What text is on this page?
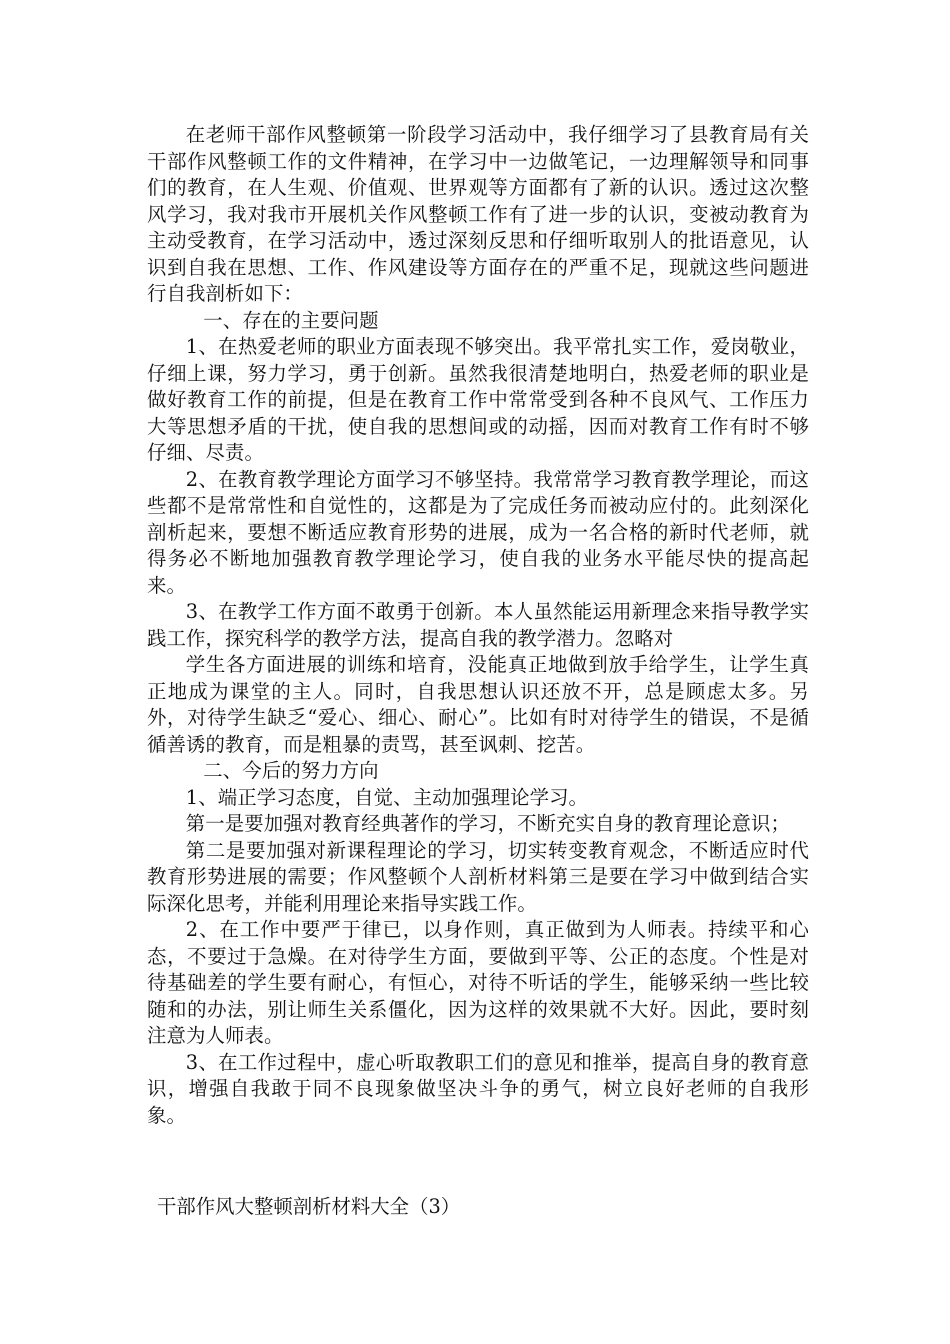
在老师干部作风整顿第一阶段学习活动中，我仔细学习了县教育局有关干部作风整顿工作的文件精神，在学习中一边做笔记，一边理解领导和同事们的教育，在人生观、价值观、世界观等方面都有了新的认识。透过这次整风学习，我对我市开展机关作风整顿工作有了进一步的认识，变被动教育为主动受教育，在学习活动中，透过深刻反思和仔细听取别人的批语意见，认识到自我在思想、工作、作风建设等方面存在的严重不足，现就这些问题进行自我剖析如下：

一、存在的主要问题

1、在热爱老师的职业方面表现不够突出。我平常扎实工作，爱岗敬业，仔细上课，努力学习，勇于创新。虽然我很清楚地明白，热爱老师的职业是做好教育工作的前提，但是在教育工作中常常受到各种不良风气、工作压力大等思想矛盾的干扰，使自我的思想间或的动摇，因而对教育工作有时不够仔细、尽责。

2、在教育教学理论方面学习不够坚持。我常常学习教育教学理论，而这些都不是常常性和自觉性的，这都是为了完成任务而被动应付的。此刻深化剖析起来，要想不断适应教育形势的进展，成为一名合格的新时代老师，就得务必不断地加强教育教学理论学习，使自我的业务水平能尽快的提高起来。

3、在教学工作方面不敢勇于创新。本人虽然能运用新理念来指导教学实践工作，探究科学的教学方法，提高自我的教学潜力。忽略对

学生各方面进展的训练和培育，没能真正地做到放手给学生，让学生真正地成为课堂的主人。同时，自我思想认识还放不开，总是顾虑太多。另外，对待学生缺乏“爱心、细心、耐心”。比如有时对待学生的错误，不是循循善诱的教育，而是粗暴的责骂，甚至讽刺、挖苦。

二、今后的努力方向

1、端正学习态度，自觉、主动加强理论学习。

第一是要加强对教育经典著作的学习，不断充实自身的教育理论意识；

第二是要加强对新课程理论的学习，切实转变教育观念，不断适应时代教育形势进展的需要；作风整顿个人剖析材料第三是要在学习中做到结合实际深化思考，并能利用理论来指导实践工作。

2、在工作中要严于律已，以身作则，真正做到为人师表。持续平和心态，不要过于急燥。在对待学生方面，要做到平等、公正的态度。个性是对待基础差的学生要有耐心，有恒心，对待不听话的学生，能够采纳一些比较随和的办法，别让师生关系僵化，因为这样的效果就不大好。因此，要时刻注意为人师表。

3、在工作过程中，虚心听取教职工们的意见和推举，提高自身的教育意识，增强自我敢于同不良现象做坚决斗争的勇气，树立良好老师的自我形象。

干部作风大整顿剖析材料大全（3）
